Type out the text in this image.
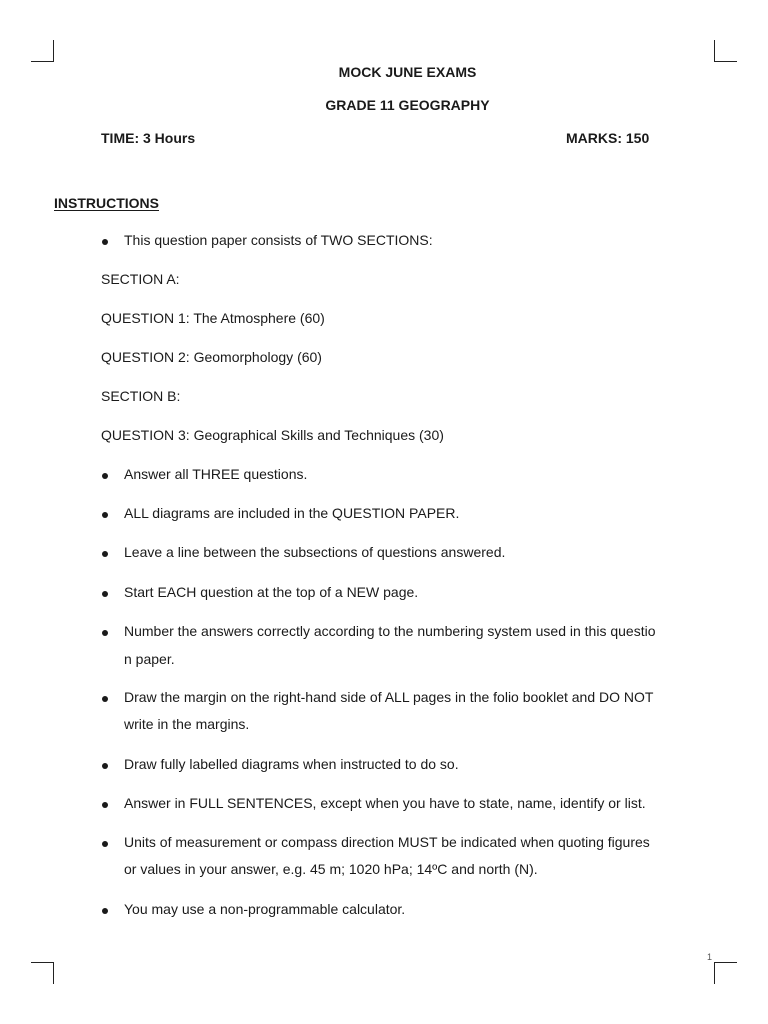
MOCK JUNE EXAMS
GRADE 11 GEOGRAPHY
TIME: 3 Hours	MARKS: 150
INSTRUCTIONS
This question paper consists of TWO SECTIONS:
SECTION A:
QUESTION 1: The Atmosphere (60)
QUESTION 2: Geomorphology (60)
SECTION B:
QUESTION 3: Geographical Skills and Techniques (30)
Answer all THREE questions.
ALL diagrams are included in the QUESTION PAPER.
Leave a line between the subsections of questions answered.
Start EACH question at the top of a NEW page.
Number the answers correctly according to the numbering system used in this questio
n paper.
Draw the margin on the right-hand side of ALL pages in the folio booklet and DO NOT
write in the margins.
Draw fully labelled diagrams when instructed to do so.
Answer in FULL SENTENCES, except when you have to state, name, identify or list.
Units of measurement or compass direction MUST be indicated when quoting figures
or values in your answer, e.g. 45 m; 1020 hPa; 14ºC and north (N).
You may use a non-programmable calculator.
1
